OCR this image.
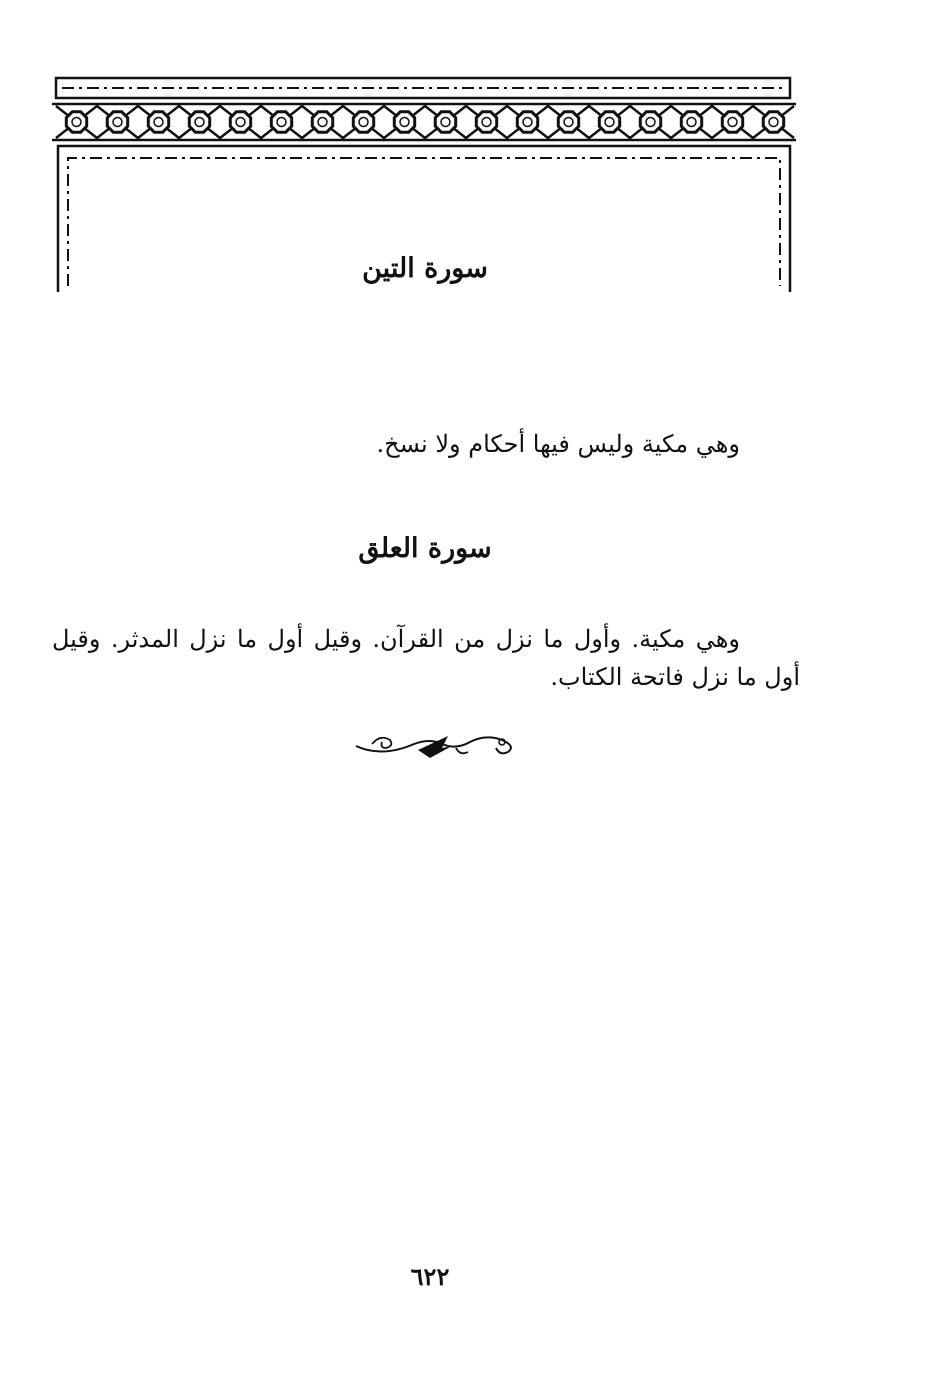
سورة التين
وهي مكية وليس فيها أحكام ولا نسخ.
سورة العلق
وهي مكية. وأول ما نزل من القرآن. وقيل أول ما نزل المدثر. وقيل أول ما نزل فاتحة الكتاب.
٦٢٢
